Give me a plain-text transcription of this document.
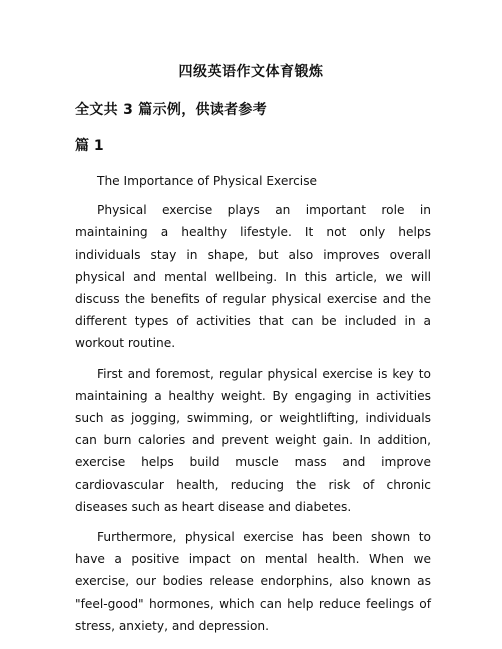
四级英语作文体育锻炼
全文共 3 篇示例，供读者参考
篇 1

The Importance of Physical Exercise

Physical exercise plays an important role in maintaining a healthy lifestyle. It not only helps individuals stay in shape, but also improves overall physical and mental wellbeing. In this article, we will discuss the benefits of regular physical exercise and the different types of activities that can be included in a workout routine.

First and foremost, regular physical exercise is key to maintaining a healthy weight. By engaging in activities such as jogging, swimming, or weightlifting, individuals can burn calories and prevent weight gain. In addition, exercise helps build muscle mass and improve cardiovascular health, reducing the risk of chronic diseases such as heart disease and diabetes.

Furthermore, physical exercise has been shown to have a positive impact on mental health. When we exercise, our bodies release endorphins, also known as "feel-good" hormones, which can help reduce feelings of stress, anxiety, and depression.
